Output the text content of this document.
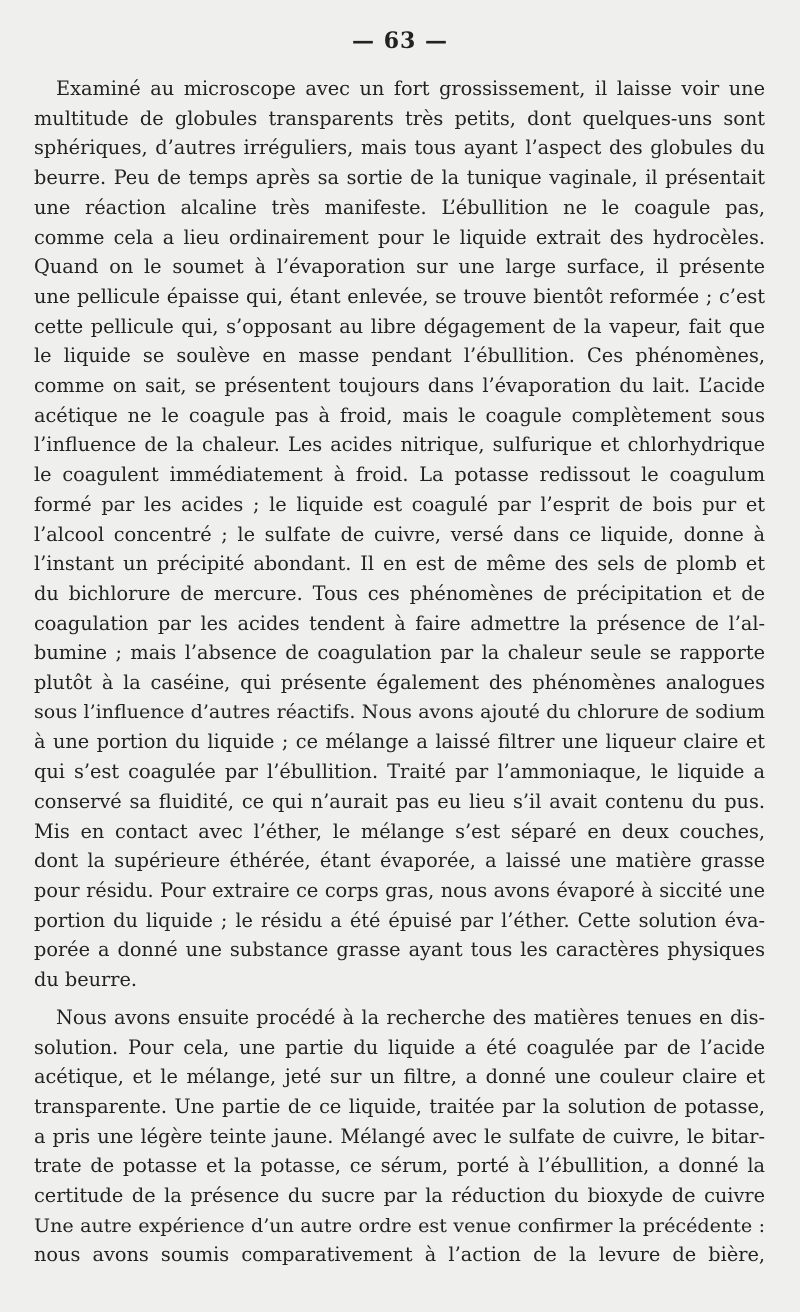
— 63 —
Examiné au microscope avec un fort grossissement, il laisse voir une
multitude de globules transparents très petits, dont quelques-uns sont
sphériques, d’autres irréguliers, mais tous ayant l’aspect des globules du
beurre. Peu de temps après sa sortie de la tunique vaginale, il présentait
une réaction alcaline très manifeste. L’ébullition ne le coagule pas,
comme cela a lieu ordinairement pour le liquide extrait des hydrocèles.
Quand on le soumet à l’évaporation sur une large surface, il présente
une pellicule épaisse qui, étant enlevée, se trouve bientôt reformée ; c’est
cette pellicule qui, s’opposant au libre dégagement de la vapeur, fait que
le liquide se soulève en masse pendant l’ébullition. Ces phénomènes,
comme on sait, se présentent toujours dans l’évaporation du lait. L’acide
acétique ne le coagule pas à froid, mais le coagule complètement sous
l’influence de la chaleur. Les acides nitrique, sulfurique et chlorhydrique
le coagulent immédiatement à froid. La potasse redissout le coagulum
formé par les acides ; le liquide est coagulé par l’esprit de bois pur et
l’alcool concentré ; le sulfate de cuivre, versé dans ce liquide, donne à
l’instant un précipité abondant. Il en est de même des sels de plomb et
du bichlorure de mercure. Tous ces phénomènes de précipitation et de
coagulation par les acides tendent à faire admettre la présence de l’al-
bumine ; mais l’absence de coagulation par la chaleur seule se rapporte
plutôt à la caséine, qui présente également des phénomènes analogues
sous l’influence d’autres réactifs. Nous avons ajouté du chlorure de sodium
à une portion du liquide ; ce mélange a laissé filtrer une liqueur claire et
qui s’est coagulée par l’ébullition. Traité par l’ammoniaque, le liquide a
conservé sa fluidité, ce qui n’aurait pas eu lieu s’il avait contenu du pus.
Mis en contact avec l’éther, le mélange s’est séparé en deux couches,
dont la supérieure éthérée, étant évaporée, a laissé une matière grasse
pour résidu. Pour extraire ce corps gras, nous avons évaporé à siccité une
portion du liquide ; le résidu a été épuisé par l’éther. Cette solution éva-
porée a donné une substance grasse ayant tous les caractères physiques
du beurre.
Nous avons ensuite procédé à la recherche des matières tenues en dis-
solution. Pour cela, une partie du liquide a été coagulée par de l’acide
acétique, et le mélange, jeté sur un filtre, a donné une couleur claire et
transparente. Une partie de ce liquide, traitée par la solution de potasse,
a pris une légère teinte jaune. Mélangé avec le sulfate de cuivre, le bitar-
trate de potasse et la potasse, ce sérum, porté à l’ébullition, a donné la
certitude de la présence du sucre par la réduction du bioxyde de cuivre
Une autre expérience d’un autre ordre est venue confirmer la précédente :
nous avons soumis comparativement à l’action de la levure de bière,
